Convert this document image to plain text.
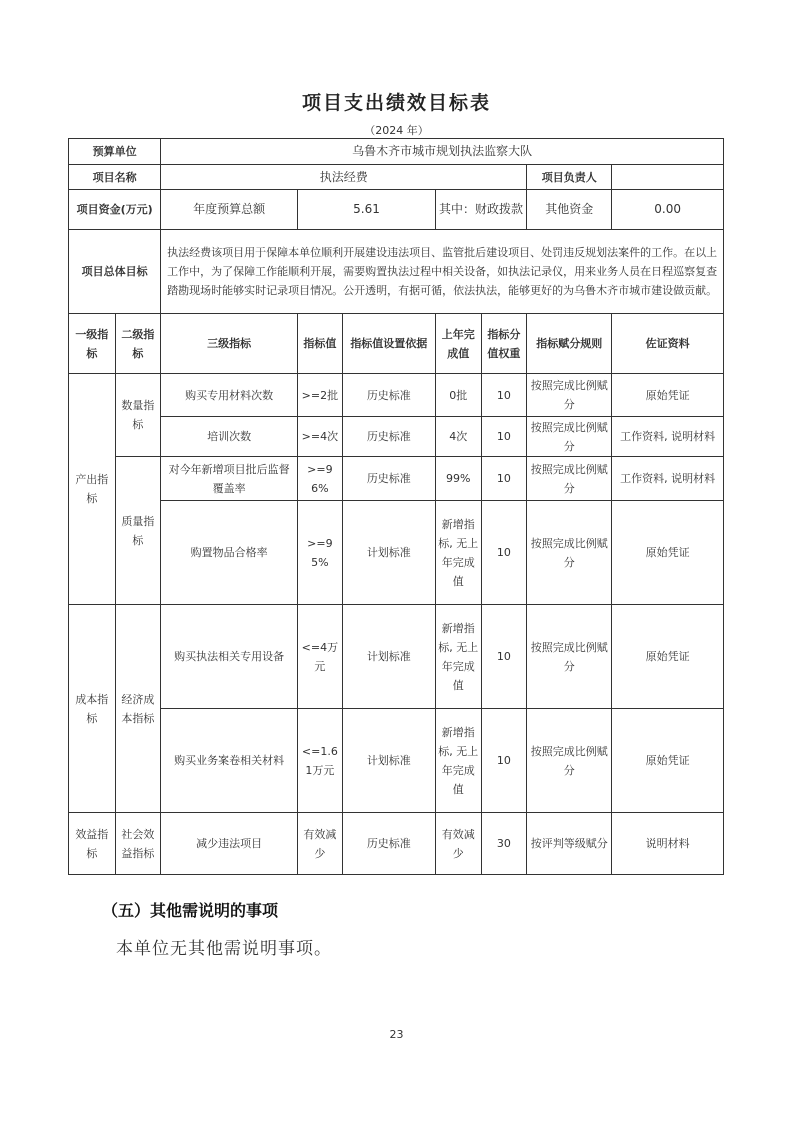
项目支出绩效目标表
（2024 年）
预算单位		乌鲁木齐市城市规划执法监察大队						
项目名称		执法经费					项目负责人	
项目资金(万元)		年度预算总额	5.61		其中：财政拨款		其他资金	0.00
项目总体目标		执法经费该项目用于保障本单位顺利开展建设违法项目、监管批后建设项目、处罚违反规划法案件的工作。在以上工作中，为了保障工作能顺利开展，需要购置执法过程中相关设备，如执法记录仪，用来业务人员在日程巡察复查踏勘现场时能够实时记录项目情况。公开透明，有据可循，依法执法，能够更好的为乌鲁木齐市城市建设做贡献。						
一级指标	二级指标	三级指标	指标值	指标值设置依据	上年完成值	指标分值权重	指标赋分规则	佐证资料
产出指标	数量指标	购买专用材料次数	>=2批	历史标准	0批	10	按照完成比例赋分	原始凭证
		培训次数	>=4次	历史标准	4次	10	按照完成比例赋分	工作资料, 说明材料
	质量指标	对今年新增项目批后监督覆盖率	>=96%	历史标准	99%	10	按照完成比例赋分	工作资料, 说明材料
		购置物品合格率	>=95%	计划标准	新增指标, 无上年完成值	10	按照完成比例赋分	原始凭证
成本指标	经济成本指标	购买执法相关专用设备	<=4万元	计划标准	新增指标, 无上年完成值	10	按照完成比例赋分	原始凭证
		购买业务案卷相关材料	<=1.61万元	计划标准	新增指标, 无上年完成值	10	按照完成比例赋分	原始凭证
效益指标	社会效益指标	减少违法项目	有效减少	历史标准	有效减少	30	按评判等级赋分	说明材料
（五）其他需说明的事项
本单位无其他需说明事项。
23
